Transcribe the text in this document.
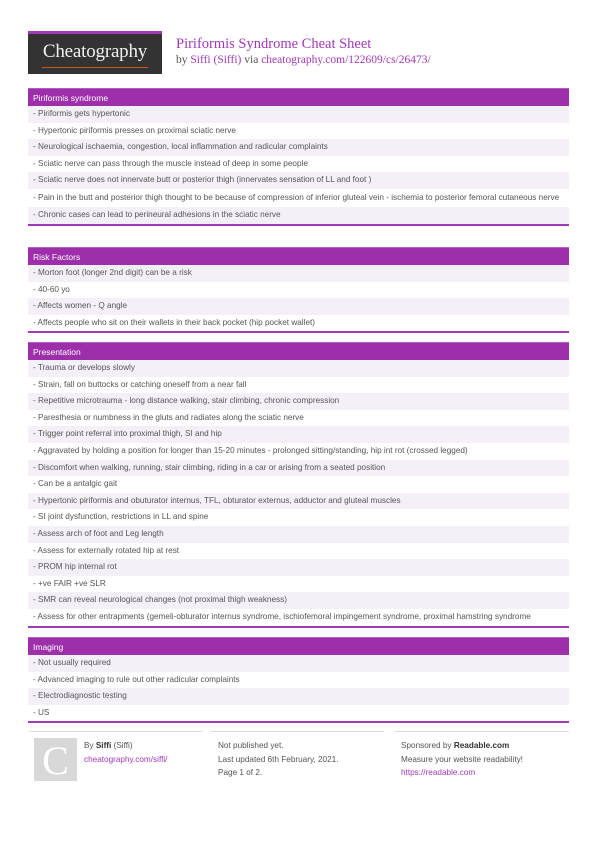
Cheatography	Piriformis Syndrome Cheat Sheet
by Siffi (Siffi) via cheatography.com/122609/cs/26473/
Piriformis syndrome
- Piriformis gets hypertonic
- Hypertonic piriformis presses on proximal sciatic nerve
- Neurological ischaemia, congestion, local inflammation and radicular complaints
- Sciatic nerve can pass through the muscle instead of deep in some people
- Sciatic nerve does not innervate butt or posterior thigh (innervates sensation of LL and foot )
- Pain in the butt and posterior thigh thought to be because of compression of inferior gluteal vein - ischemia to posterior femoral cutaneous nerve
- Chronic cases can lead to perineural adhesions in the sciatic nerve
Risk Factors
- Morton foot (longer 2nd digit) can be a risk
- 40-60 yo
- Affects women - Q angle
- Affects people who sit on their wallets in their back pocket (hip pocket wallet)
Presentation
- Trauma or develops slowly
- Strain, fall on buttocks or catching oneself from a near fall
- Repetitive microtrauma - long distance walking, stair climbing, chronic compression
- Paresthesia or numbness in the gluts and radiates along the sciatic nerve
- Trigger point referral into proximal thigh, SI and hip
- Aggravated by holding a position for longer than 15-20 minutes - prolonged sitting/standing, hip int rot (crossed legged)
- Discomfort when walking, running, stair climbing, riding in a car or arising from a seated position
- Can be a antalgic gait
- Hypertonic piriformis and obuturator internus, TFL, obturator externus, adductor and gluteal muscles
- SI joint dysfunction, restrictions in LL and spine
- Assess arch of foot and Leg length
- Assess for externally rotated hip at rest
- PROM hip internal rot
- +ve FAIR +ve SLR
- SMR can reveal neurological changes (not proximal thigh weakness)
- Assess for other entrapments (gemeli-obturator internus syndrome, ischiofemoral impingement syndrome, proximal hamstring syndrome
Imaging
- Not usually required
- Advanced imaging to rule out other radicular complaints
- Electrodiagnostic testing
- US
C	By Siffi (Siffi)
cheatography.com/siffi/
Not published yet.
Last updated 6th February, 2021.
Page 1 of 2.
Sponsored by Readable.com
Measure your website readability!
https://readable.com
